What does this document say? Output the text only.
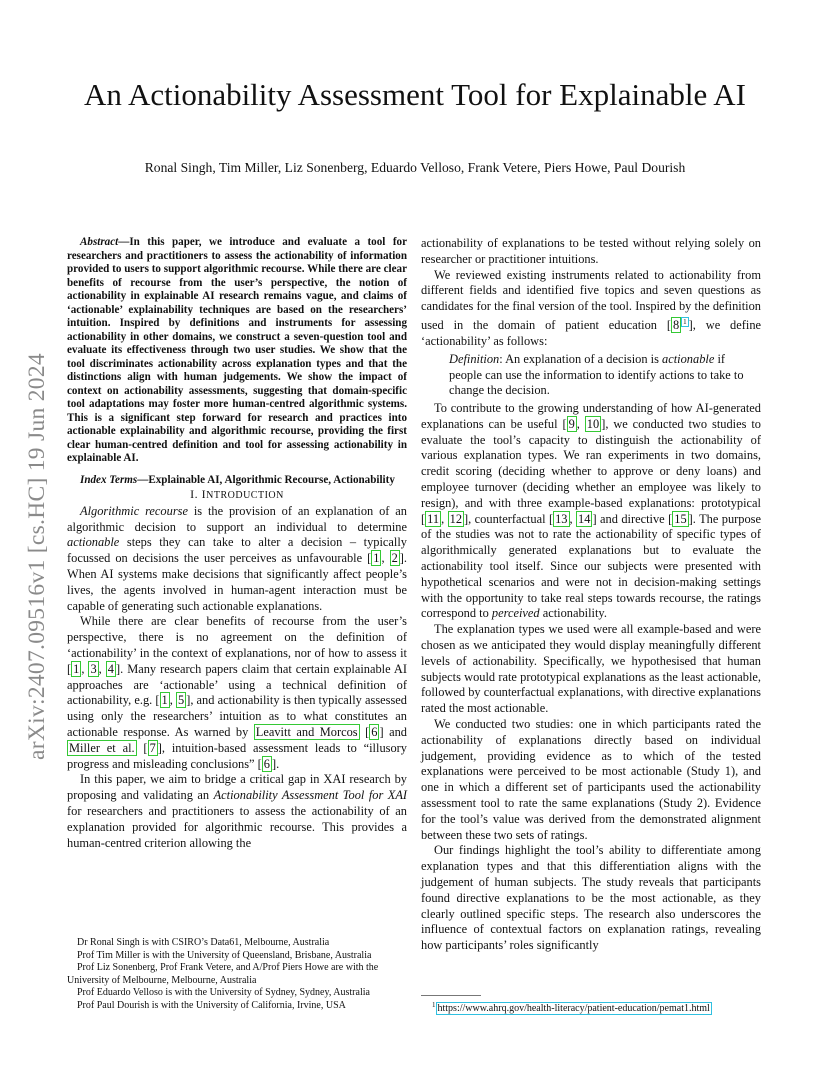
arXiv:2407.09516v1 [cs.HC] 19 Jun 2024
An Actionability Assessment Tool for Explainable AI
Ronal Singh, Tim Miller, Liz Sonenberg, Eduardo Velloso, Frank Vetere, Piers Howe, Paul Dourish

Abstract—In this paper, we introduce and evaluate a tool for researchers and practitioners to assess the actionability of information provided to users to support algorithmic recourse. While there are clear benefits of recourse from the user’s perspective, the notion of actionability in explainable AI research remains vague, and claims of ‘actionable’ explainability techniques are based on the researchers’ intuition. Inspired by definitions and instruments for assessing actionability in other domains, we construct a seven-question tool and evaluate its effectiveness through two user studies. We show that the tool discriminates actionability across explanation types and that the distinctions align with human judgements. We show the impact of context on actionability assessments, suggesting that domain-specific tool adaptations may foster more human-centred algorithmic systems. This is a significant step forward for research and practices into actionable explainability and algorithmic recourse, providing the first clear human-centred definition and tool for assessing actionability in explainable AI.

Index Terms—Explainable AI, Algorithmic Recourse, Actionability

I. INTRODUCTION

Algorithmic recourse is the provision of an explanation of an algorithmic decision to support an individual to determine actionable steps they can take to alter a decision – typically focussed on decisions the user perceives as unfavourable [ 1 , 2 ]. When AI systems make decisions that significantly affect people’s lives, the agents involved in human-agent interaction must be capable of generating such actionable explanations.

While there are clear benefits of recourse from the user’s perspective, there is no agreement on the definition of ‘actionability’ in the context of explanations, nor of how to assess it [ 1 , 3 , 4 ]. Many research papers claim that certain explainable AI approaches are ‘actionable’ using a technical definition of actionability, e.g. [ 1 , 5 ], and actionability is then typically assessed using only the researchers’ intuition as to what constitutes an actionable response. As warned by Leavitt and Morcos [ 6 ] and Miller et al. [ 7 ], intuition-based assessment leads to “illusory progress and misleading conclusions” [ 6 ].

In this paper, we aim to bridge a critical gap in XAI research by proposing and validating an Actionability Assessment Tool for XAI for researchers and practitioners to assess the actionability of an explanation provided for algorithmic recourse. This provides a human-centred criterion allowing the

Dr Ronal Singh is with CSIRO’s Data61, Melbourne, Australia

Prof Tim Miller is with the University of Queensland, Brisbane, Australia

Prof Liz Sonenberg, Prof Frank Vetere, and A/Prof Piers Howe are with the University of Melbourne, Melbourne, Australia

Prof Eduardo Velloso is with the University of Sydney, Sydney, Australia

Prof Paul Dourish is with the University of California, Irvine, USA

actionability of explanations to be tested without relying solely on researcher or practitioner intuitions.

We reviewed existing instruments related to actionability from different fields and identified five topics and seven questions as candidates for the final version of the tool. Inspired by the definition used in the domain of patient education [ 8 $^1$ ], we define ‘actionability’ as follows:

Definition: An explanation of a decision is actionable if people can use the information to identify actions to take to change the decision.

To contribute to the growing understanding of how AI-generated explanations can be useful [ 9 , 10 ], we conducted two studies to evaluate the tool’s capacity to distinguish the actionability of various explanation types. We ran experiments in two domains, credit scoring (deciding whether to approve or deny loans) and employee turnover (deciding whether an employee was likely to resign), and with three example-based explanations: prototypical [ 11 , 12 ], counterfactual [ 13 , 14 ] and directive [ 15 ]. The purpose of the studies was not to rate the actionability of specific types of algorithmically generated explanations but to evaluate the actionability tool itself. Since our subjects were presented with hypothetical scenarios and were not in decision-making settings with the opportunity to take real steps towards recourse, the ratings correspond to perceived actionability.

The explanation types we used were all example-based and were chosen as we anticipated they would display meaningfully different levels of actionability. Specifically, we hypothesised that human subjects would rate prototypical explanations as the least actionable, followed by counterfactual explanations, with directive explanations rated the most actionable.

We conducted two studies: one in which participants rated the actionability of explanations directly based on individual judgement, providing evidence as to which of the tested explanations were perceived to be most actionable (Study 1), and one in which a different set of participants used the actionability assessment tool to rate the same explanations (Study 2). Evidence for the tool’s value was derived from the demonstrated alignment between these two sets of ratings.

Our findings highlight the tool’s ability to differentiate among explanation types and that this differentiation aligns with the judgement of human subjects. The study reveals that participants found directive explanations to be the most actionable, as they clearly outlined specific steps. The research also underscores the influence of contextual factors on explanation ratings, revealing how participants’ roles significantly

$^1$ https://www.ahrq.gov/health-literacy/patient-education/pemat1.html
